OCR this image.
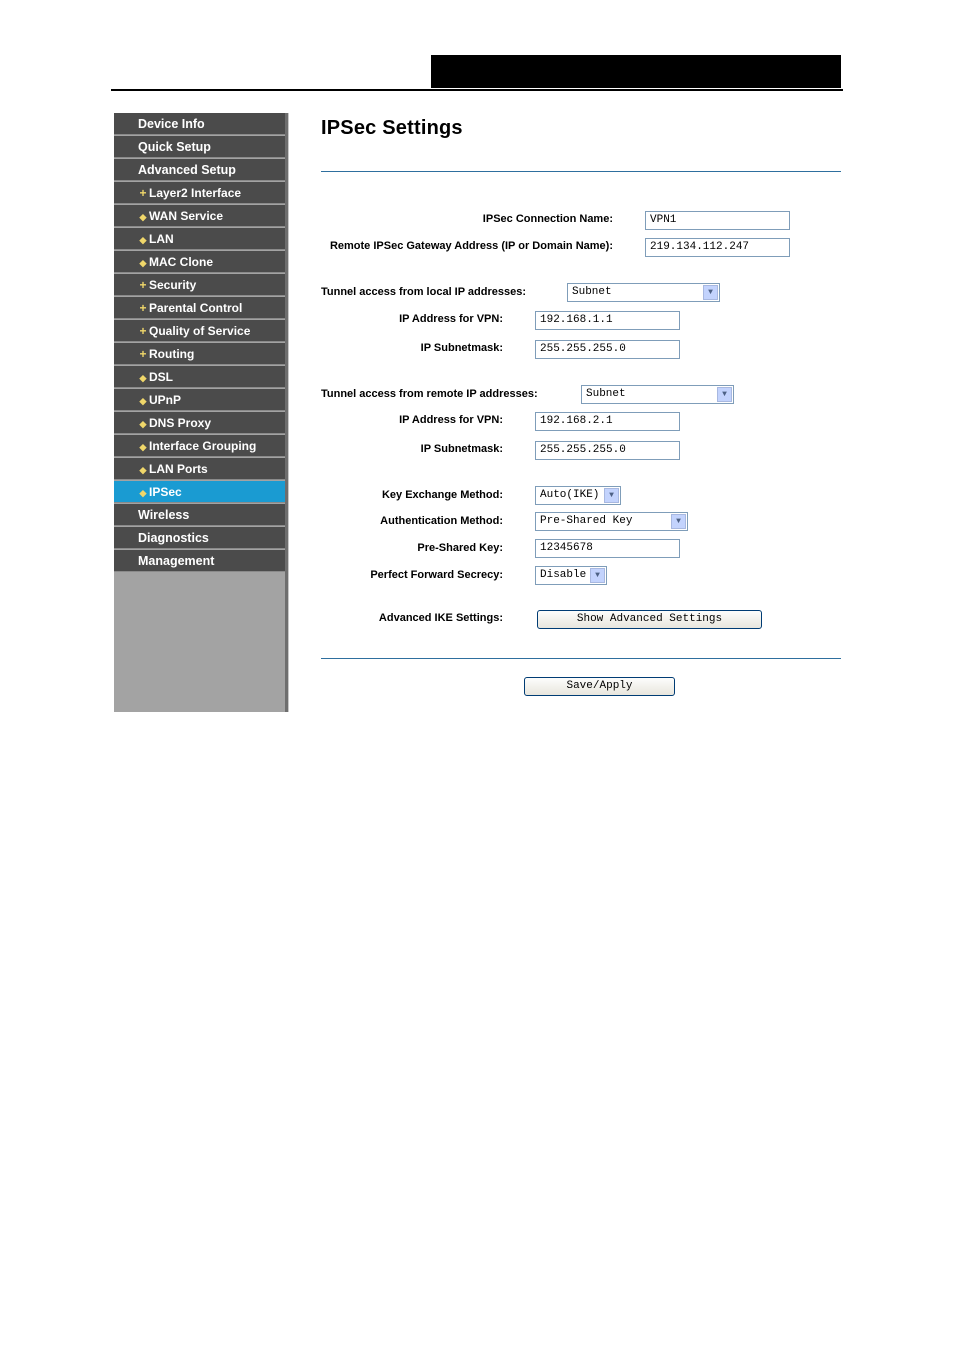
Device Info
Quick Setup
Advanced Setup
+ Layer2 Interface
◆ WAN Service
◆ LAN
◆ MAC Clone
+ Security
+ Parental Control
+ Quality of Service
+ Routing
◆ DSL
◆ UPnP
◆ DNS Proxy
◆ Interface Grouping
◆ LAN Ports
◆ IPSec
Wireless
Diagnostics
Management
IPSec Settings
IPSec Connection Name:	VPN1
Remote IPSec Gateway Address (IP or Domain Name):	219.134.112.247
Tunnel access from local IP addresses:	Subnet	▼
IP Address for VPN:	192.168.1.1
IP Subnetmask:	255.255.255.0
Tunnel access from remote IP addresses:	Subnet	▼
IP Address for VPN:	192.168.2.1
IP Subnetmask:	255.255.255.0
Key Exchange Method:	Auto(IKE)	▼
Authentication Method:	Pre-Shared Key	▼
Pre-Shared Key:	12345678
Perfect Forward Secrecy:	Disable	▼
Advanced IKE Settings:	Show Advanced Settings
Save/Apply
